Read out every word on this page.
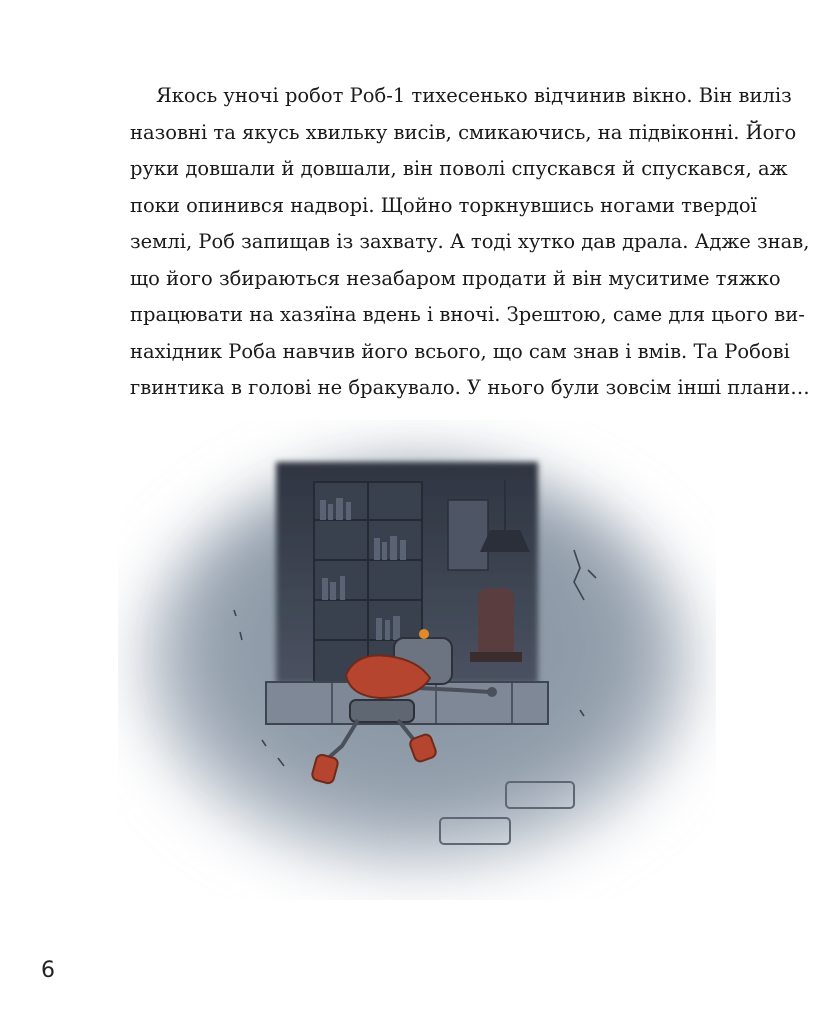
Якось уночі робот Роб-1 тихесенько відчинив вікно. Він виліз
назовні та якусь хвильку висів, смикаючись, на підвіконні. Його
руки довшали й довшали, він поволі спускався й спускався, аж
поки опинився надворі. Щойно торкнувшись ногами твердої
землі, Роб запищав із захвату. А тоді хутко дав драла. Адже знав,
що його збираються незабаром продати й він муситиме тяжко
працювати на хазяїна вдень і вночі. Зрештою, саме для цього ви-
нахідник Роба навчив його всього, що сам знав і вмів. Та Робові
гвинтика в голові не бракувало. У нього були зовсім інші плани…
6
